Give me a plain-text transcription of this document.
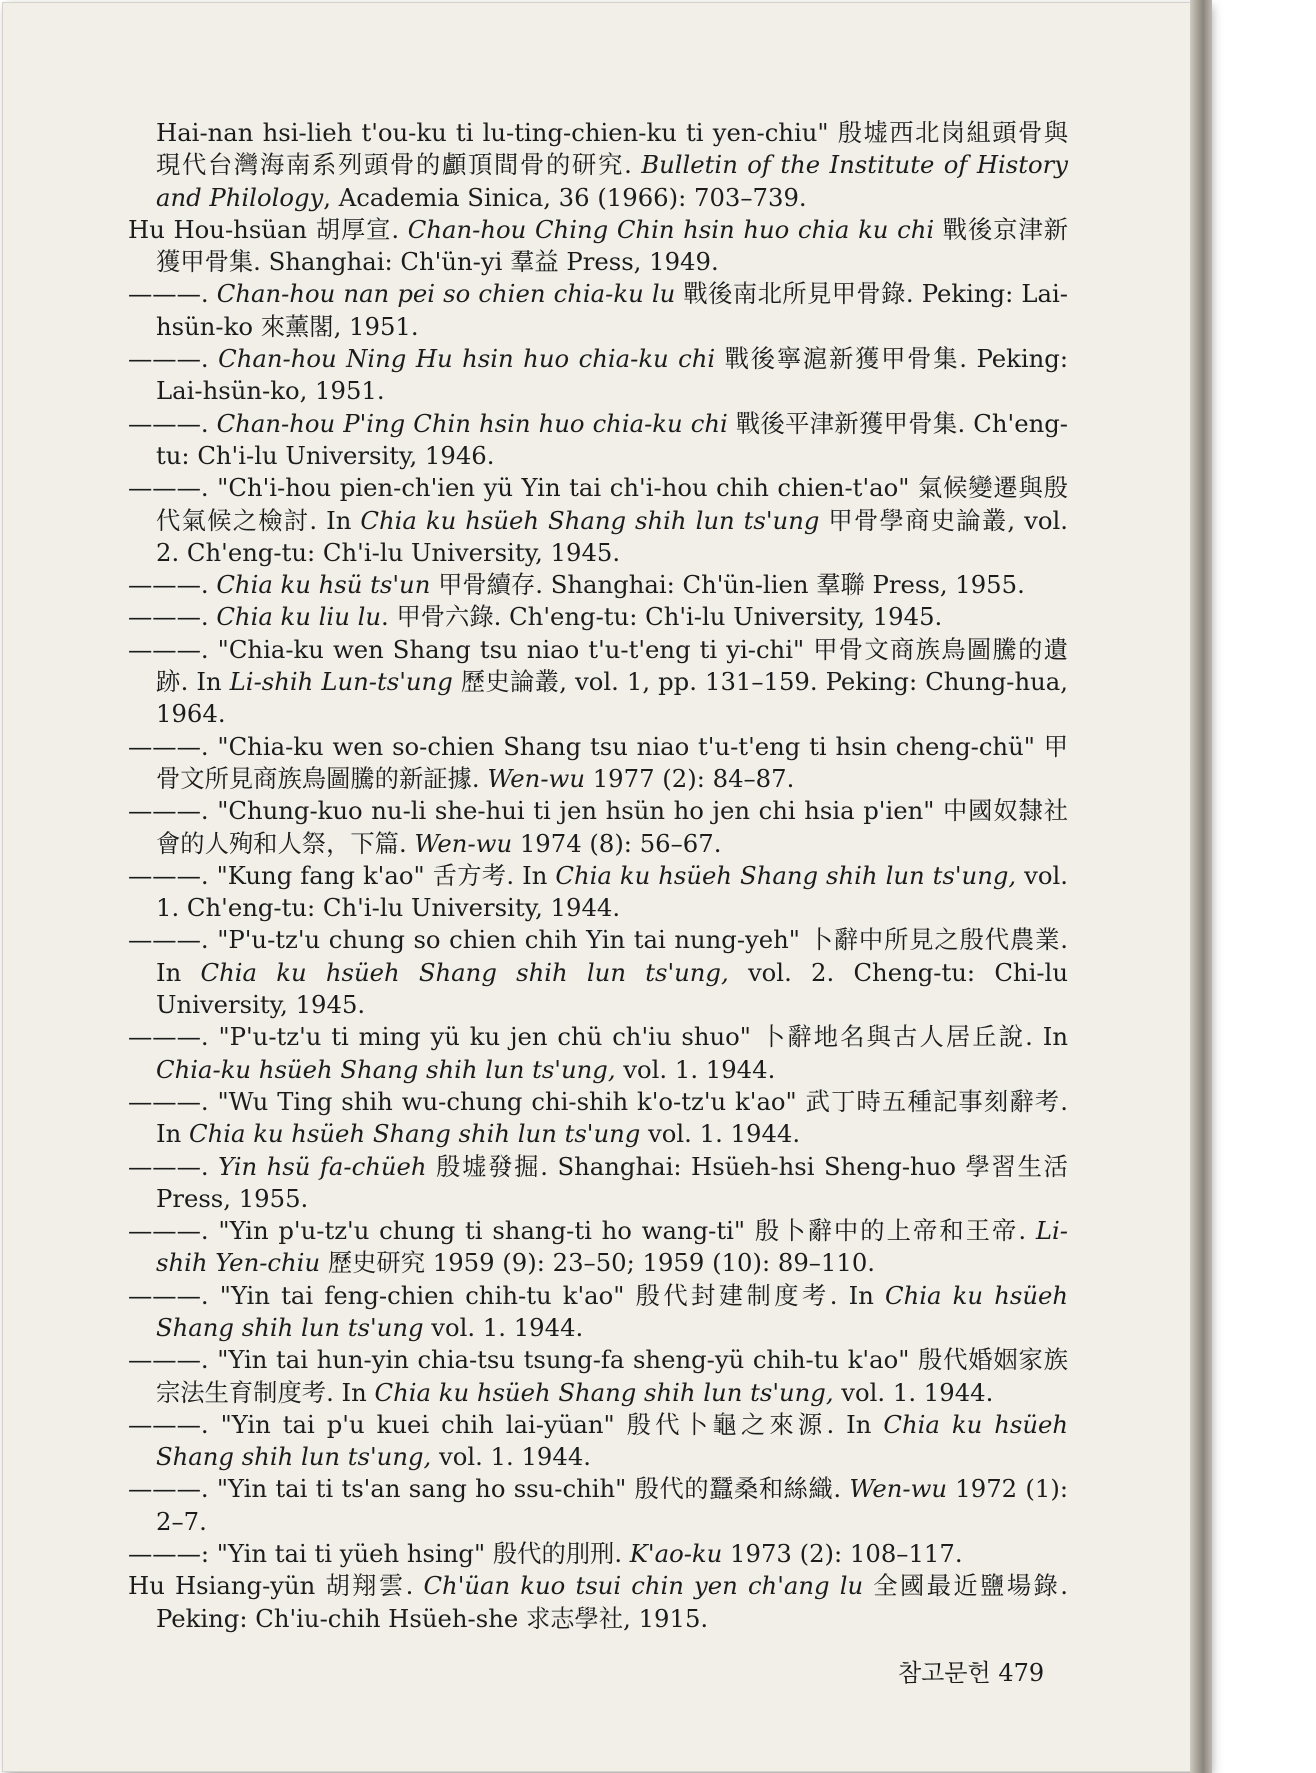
Hai-nan hsi-lieh t'ou-ku ti lu-ting-chien-ku ti yen-chiu" 殷墟西北岗組頭骨與現代台灣海南系列頭骨的顱頂間骨的研究. Bulletin of the Institute of History and Philology, Academia Sinica, 36 (1966): 703–739.

Hu Hou-hsüan 胡厚宣. Chan-hou Ching Chin hsin huo chia ku chi 戰後京津新獲甲骨集. Shanghai: Ch'ün-yi 羣益 Press, 1949.

———. Chan-hou nan pei so chien chia-ku lu 戰後南北所見甲骨錄. Peking: Lai-hsün-ko 來薰閣, 1951.

———. Chan-hou Ning Hu hsin huo chia-ku chi 戰後寧滬新獲甲骨集. Peking: Lai-hsün-ko, 1951.

———. Chan-hou P'ing Chin hsin huo chia-ku chi 戰後平津新獲甲骨集. Ch'eng-tu: Ch'i-lu University, 1946.

———. "Ch'i-hou pien-ch'ien yü Yin tai ch'i-hou chih chien-t'ao" 氣候變遷與殷代氣候之檢討. In Chia ku hsüeh Shang shih lun ts'ung 甲骨學商史論叢, vol. 2. Ch'eng-tu: Ch'i-lu University, 1945.

———. Chia ku hsü ts'un 甲骨續存. Shanghai: Ch'ün-lien 羣聯 Press, 1955.

———. Chia ku liu lu. 甲骨六錄. Ch'eng-tu: Ch'i-lu University, 1945.

———. "Chia-ku wen Shang tsu niao t'u-t'eng ti yi-chi" 甲骨文商族鳥圖騰的遺跡. In Li-shih Lun-ts'ung 歷史論叢, vol. 1, pp. 131–159. Peking: Chung-hua, 1964.

———. "Chia-ku wen so-chien Shang tsu niao t'u-t'eng ti hsin cheng-chü" 甲骨文所見商族鳥圖騰的新証據. Wen-wu 1977 (2): 84–87.

———. "Chung-kuo nu-li she-hui ti jen hsün ho jen chi hsia p'ien" 中國奴隸社會的人殉和人祭，下篇. Wen-wu 1974 (8): 56–67.

———. "Kung fang k'ao" 舌方考. In Chia ku hsüeh Shang shih lun ts'ung, vol. 1. Ch'eng-tu: Ch'i-lu University, 1944.

———. "P'u-tz'u chung so chien chih Yin tai nung-yeh" 卜辭中所見之殷代農業. In Chia ku hsüeh Shang shih lun ts'ung, vol. 2. Cheng-tu: Chi-lu University, 1945.

———. "P'u-tz'u ti ming yü ku jen chü ch'iu shuo" 卜辭地名與古人居丘說. In Chia-ku hsüeh Shang shih lun ts'ung, vol. 1. 1944.

———. "Wu Ting shih wu-chung chi-shih k'o-tz'u k'ao" 武丁時五種記事刻辭考. In Chia ku hsüeh Shang shih lun ts'ung vol. 1. 1944.

———. Yin hsü fa-chüeh 殷墟發掘. Shanghai: Hsüeh-hsi Sheng-huo 學習生活 Press, 1955.

———. "Yin p'u-tz'u chung ti shang-ti ho wang-ti" 殷卜辭中的上帝和王帝. Li-shih Yen-chiu 歷史研究 1959 (9): 23–50; 1959 (10): 89–110.

———. "Yin tai feng-chien chih-tu k'ao" 殷代封建制度考. In Chia ku hsüeh Shang shih lun ts'ung vol. 1. 1944.

———. "Yin tai hun-yin chia-tsu tsung-fa sheng-yü chih-tu k'ao" 殷代婚姻家族宗法生育制度考. In Chia ku hsüeh Shang shih lun ts'ung, vol. 1. 1944.

———. "Yin tai p'u kuei chih lai-yüan" 殷代卜龜之來源. In Chia ku hsüeh Shang shih lun ts'ung, vol. 1. 1944.

———. "Yin tai ti ts'an sang ho ssu-chih" 殷代的蠶桑和絲織. Wen-wu 1972 (1): 2–7.

———: "Yin tai ti yüeh hsing" 殷代的刖刑. K'ao-ku 1973 (2): 108–117.

Hu Hsiang-yün 胡翔雲. Ch'üan kuo tsui chin yen ch'ang lu 全國最近鹽場錄. Peking: Ch'iu-chih Hsüeh-she 求志學社, 1915.

참고문헌 479
